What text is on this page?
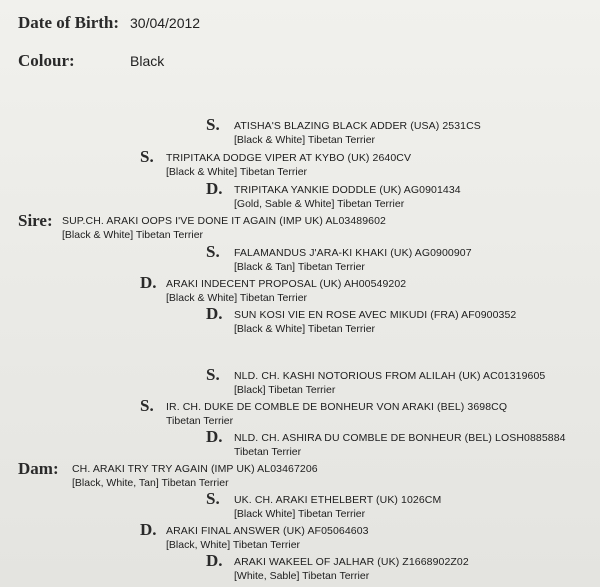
Date of Birth: 30/04/2012
Colour:	Black
S. ATISHA'S BLAZING BLACK ADDER (USA) 2531CS
[Black & White] Tibetan Terrier
S. TRIPITAKA DODGE VIPER AT KYBO (UK) 2640CV
[Black & White] Tibetan Terrier
D. TRIPITAKA YANKIE DODDLE (UK) AG0901434
[Gold, Sable & White] Tibetan Terrier
Sire: SUP.CH. ARAKI OOPS I'VE DONE IT AGAIN (IMP UK) AL03489602
[Black & White] Tibetan Terrier
S. FALAMANDUS J'ARA-KI KHAKI (UK) AG0900907
[Black & Tan] Tibetan Terrier
D. ARAKI INDECENT PROPOSAL (UK) AH00549202
[Black & White] Tibetan Terrier
D. SUN KOSI VIE EN ROSE AVEC MIKUDI (FRA) AF0900352
[Black & White] Tibetan Terrier
S. NLD. CH. KASHI NOTORIOUS FROM ALILAH (UK) AC01319605
[Black] Tibetan Terrier
S. IR. CH. DUKE DE COMBLE DE BONHEUR VON ARAKI (BEL) 3698CQ
Tibetan Terrier
D. NLD. CH. ASHIRA DU COMBLE DE BONHEUR (BEL) LOSH0885884
Tibetan Terrier
Dam: CH. ARAKI TRY TRY AGAIN (IMP UK) AL03467206
[Black, White, Tan] Tibetan Terrier
S. UK. CH. ARAKI ETHELBERT (UK) 1026CM
[Black White] Tibetan Terrier
D. ARAKI FINAL ANSWER (UK) AF05064603
[Black, White] Tibetan Terrier
D. ARAKI WAKEEL OF JALHAR (UK) Z1668902Z02
[White, Sable] Tibetan Terrier
